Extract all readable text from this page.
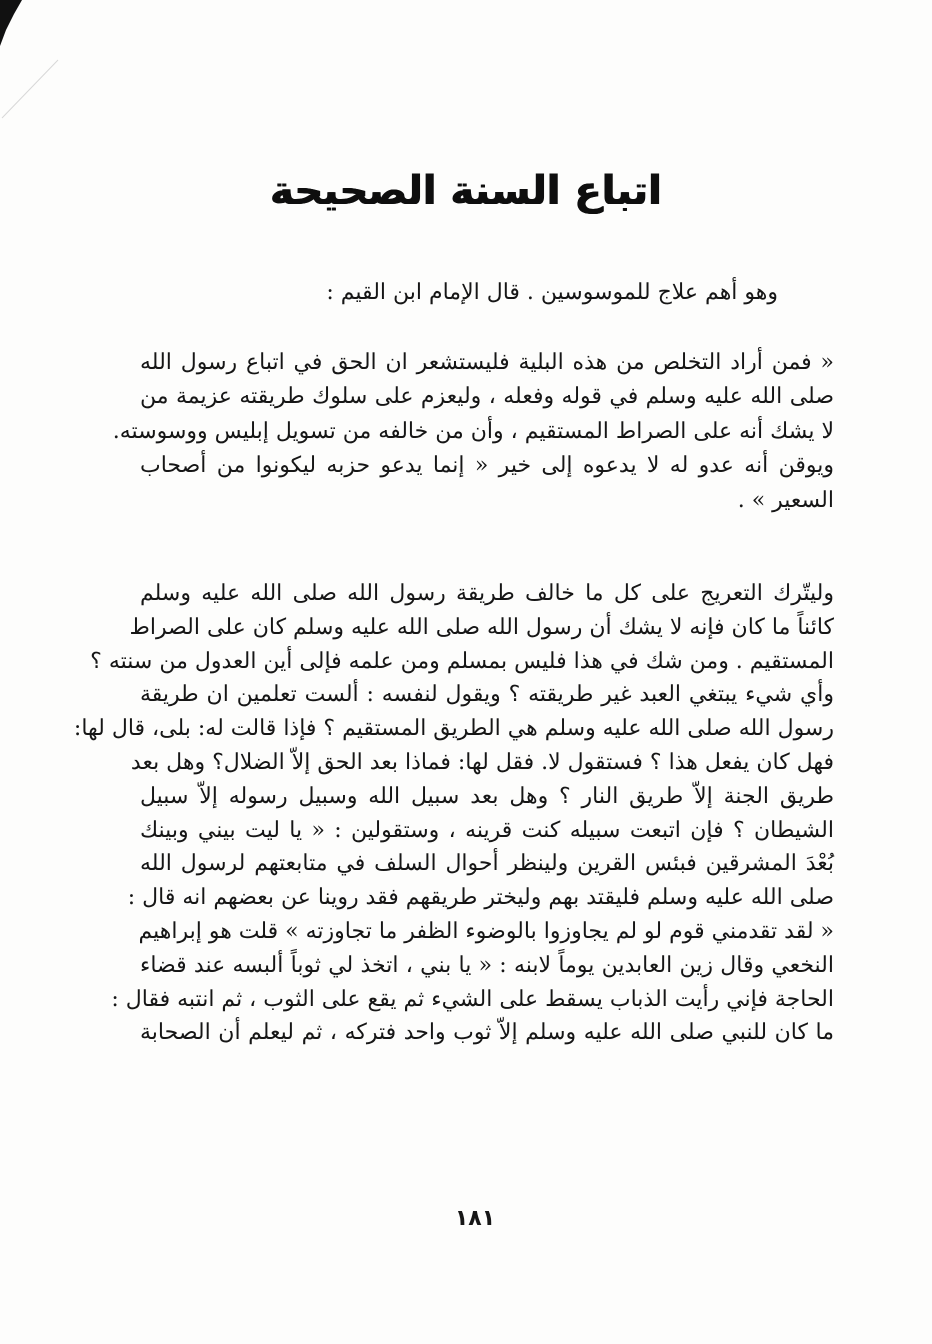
اتباع السنة الصحيحة
وهو أهم علاج للموسوسين . قال الإمام ابن القيم :
« فمن أراد التخلص من هذه البلية فليستشعر ان الحق في اتباع رسول الله
صلى الله عليه وسلم في قوله وفعله ، وليعزم على سلوك طريقته عزيمة من
لا يشك أنه على الصراط المستقيم ، وأن من خالفه من تسويل إبليس ووسوسته.
ويوقن أنه عدو له لا يدعوه إلى خير « إنما يدعو حزبه ليكونوا من أصحاب
السعير » .
وليتّرك التعريج على كل ما خالف طريقة رسول الله صلى الله عليه وسلم
كائناً ما كان فإنه لا يشك أن رسول الله صلى الله عليه وسلم كان على الصراط
المستقيم . ومن شك في هذا فليس بمسلم ومن علمه فإلى أين العدول من سنته ؟
وأي شيء يبتغي العبد غير طريقته ؟ ويقول لنفسه : ألست تعلمين ان طريقة
رسول الله صلى الله عليه وسلم هي الطريق المستقيم ؟ فإذا قالت له: بلى، قال لها:
فهل كان يفعل هذا ؟ فستقول لا. فقل لها: فماذا بعد الحق إلاّ الضلال؟ وهل بعد
طريق الجنة إلاّ طريق النار ؟ وهل بعد سبيل الله وسبيل رسوله إلاّ سبيل
الشيطان ؟ فإن اتبعت سبيله كنت قرينه ، وستقولين : « يا ليت بيني وبينك
بُعْدَ المشرقين فبئس القرين ولينظر أحوال السلف في متابعتهم لرسول الله
صلى الله عليه وسلم فليقتد بهم وليختر طريقهم فقد روينا عن بعضهم انه قال :
« لقد تقدمني قوم لو لم يجاوزوا بالوضوء الظفر ما تجاوزته » قلت هو إبراهيم
النخعي وقال زين العابدين يوماً لابنه : « يا بني ، اتخذ لي ثوباً ألبسه عند قضاء
الحاجة فإني رأيت الذباب يسقط على الشيء ثم يقع على الثوب ، ثم انتبه فقال :
ما كان للنبي صلى الله عليه وسلم إلاّ ثوب واحد فتركه ، ثم ليعلم أن الصحابة
١٨١
